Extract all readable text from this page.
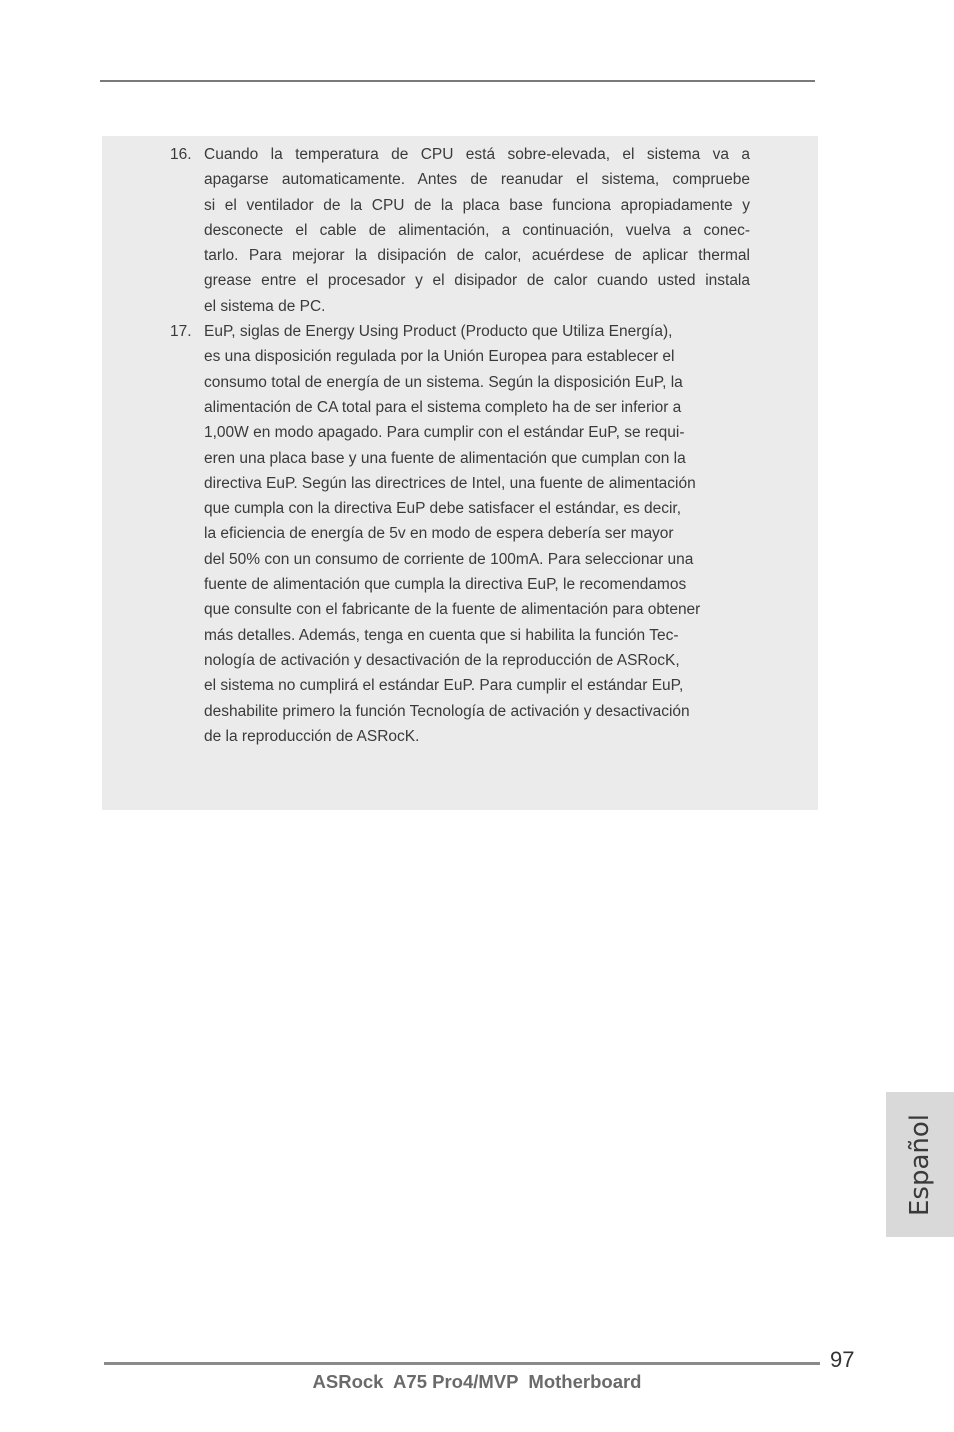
16. Cuando la temperatura de CPU está sobre-elevada, el sistema va a
apagarse automaticamente. Antes de reanudar el sistema, compruebe
si el ventilador de la CPU de la placa base funciona apropiadamente y
desconecte el cable de alimentación, a continuación, vuelva a conec-
tarlo. Para mejorar la disipación de calor, acuérdese de aplicar thermal
grease entre el procesador y el disipador de calor cuando usted instala
el sistema de PC.
17. EuP, siglas de Energy Using Product (Producto que Utiliza Energía),
es una disposición regulada por la Unión Europea para establecer el
consumo total de energía de un sistema. Según la disposición EuP, la
alimentación de CA total para el sistema completo ha de ser inferior a
1,00W en modo apagado. Para cumplir con el estándar EuP, se requi-
eren una placa base y una fuente de alimentación que cumplan con la
directiva EuP. Según las directrices de Intel, una fuente de alimentación
que cumpla con la directiva EuP debe satisfacer el estándar, es decir,
la eficiencia de energía de 5v en modo de espera debería ser mayor
del 50% con un consumo de corriente de 100mA. Para seleccionar una
fuente de alimentación que cumpla la directiva EuP, le recomendamos
que consulte con el fabricante de la fuente de alimentación para obtener
más detalles. Además, tenga en cuenta que si habilita la función Tec-
nología de activación y desactivación de la reproducción de ASRocK,
el sistema no cumplirá el estándar EuP. Para cumplir el estándar EuP,
deshabilite primero la función Tecnología de activación y desactivación
de la reproducción de ASRocK.
Español
97
ASRock  A75 Pro4/MVP  Motherboard
